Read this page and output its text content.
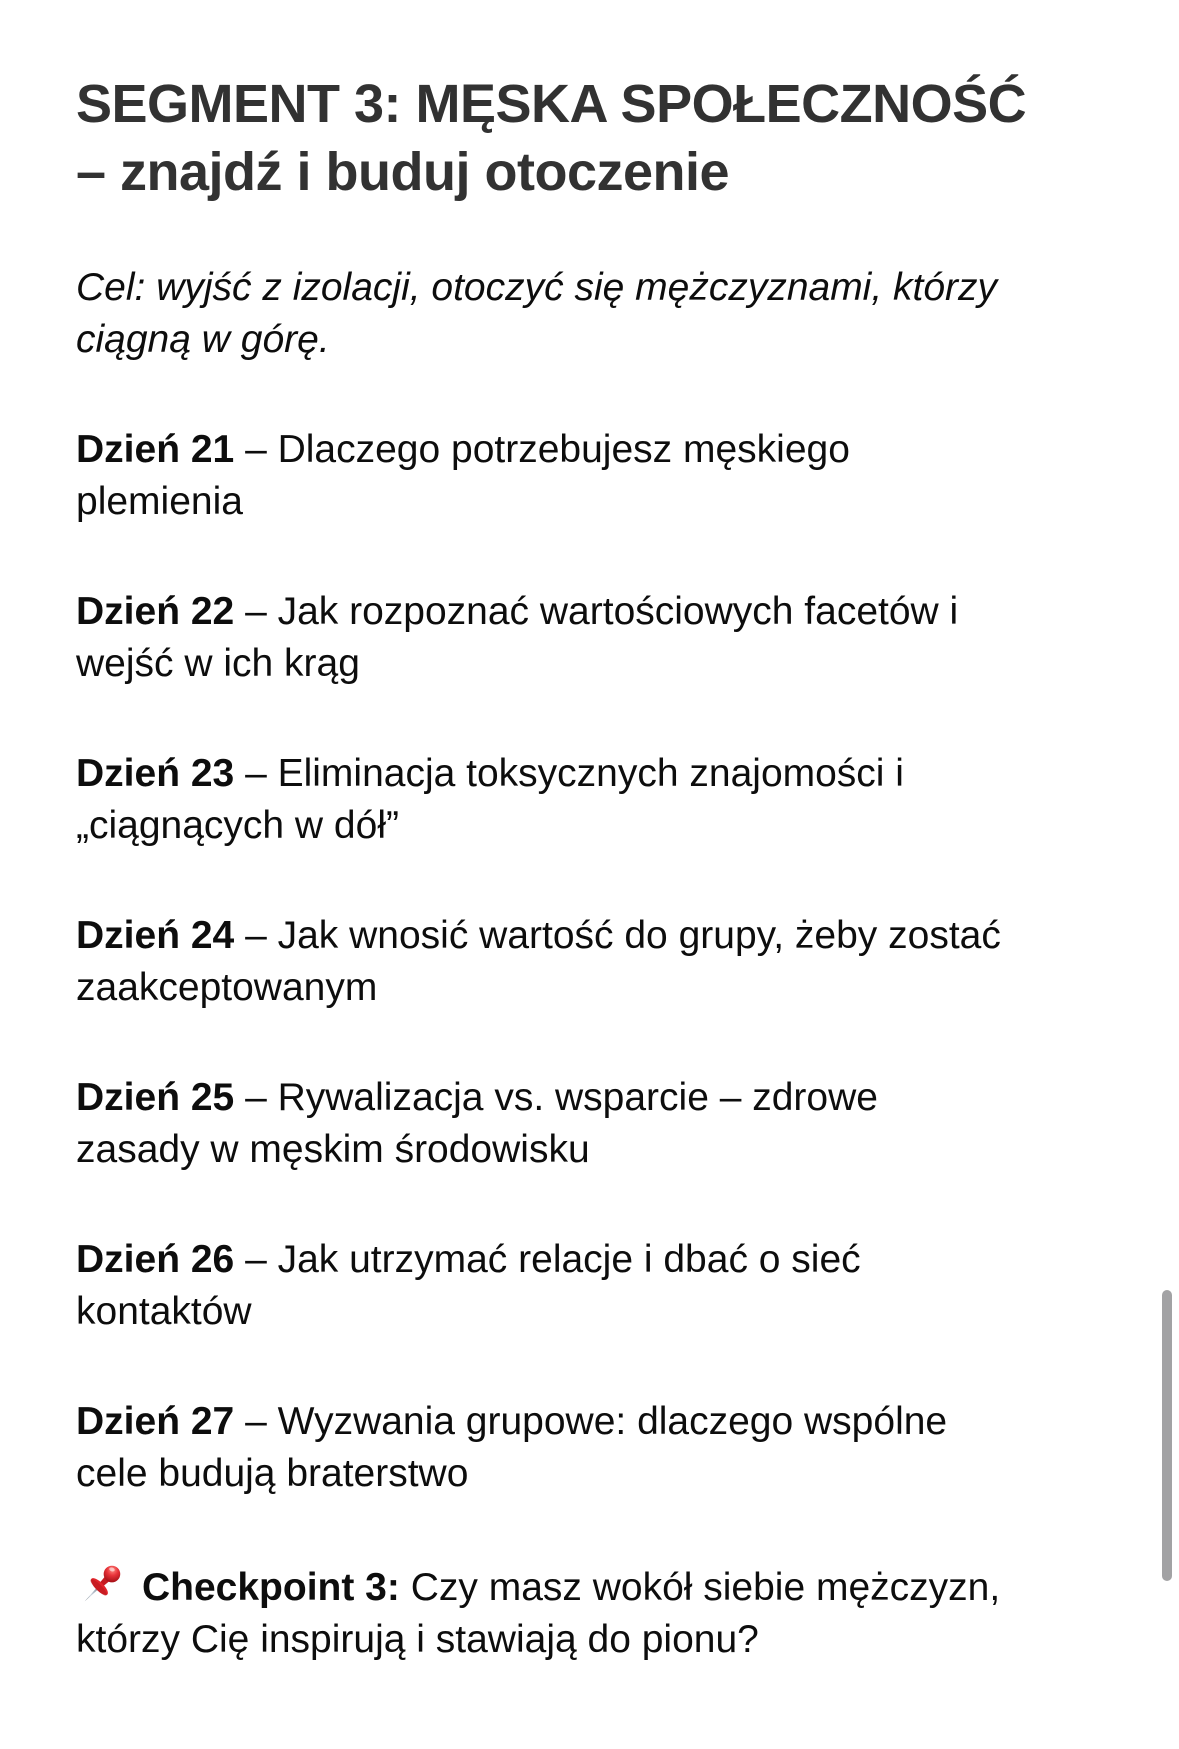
SEGMENT 3: MĘSKA SPOŁECZNOŚĆ
– znajdź i buduj otoczenie

Cel: wyjść z izolacji, otoczyć się mężczyznami, którzy
ciągną w górę.

Dzień 21 – Dlaczego potrzebujesz męskiego
plemienia

Dzień 22 – Jak rozpoznać wartościowych facetów i
wejść w ich krąg

Dzień 23 – Eliminacja toksycznych znajomości i
„ciągnących w dół”

Dzień 24 – Jak wnosić wartość do grupy, żeby zostać
zaakceptowanym

Dzień 25 – Rywalizacja vs. wsparcie – zdrowe
zasady w męskim środowisku

Dzień 26 – Jak utrzymać relacje i dbać o sieć
kontaktów

Dzień 27 – Wyzwania grupowe: dlaczego wspólne
cele budują braterstwo

Checkpoint 3: Czy masz wokół siebie mężczyzn,
którzy Cię inspirują i stawiają do pionu?
